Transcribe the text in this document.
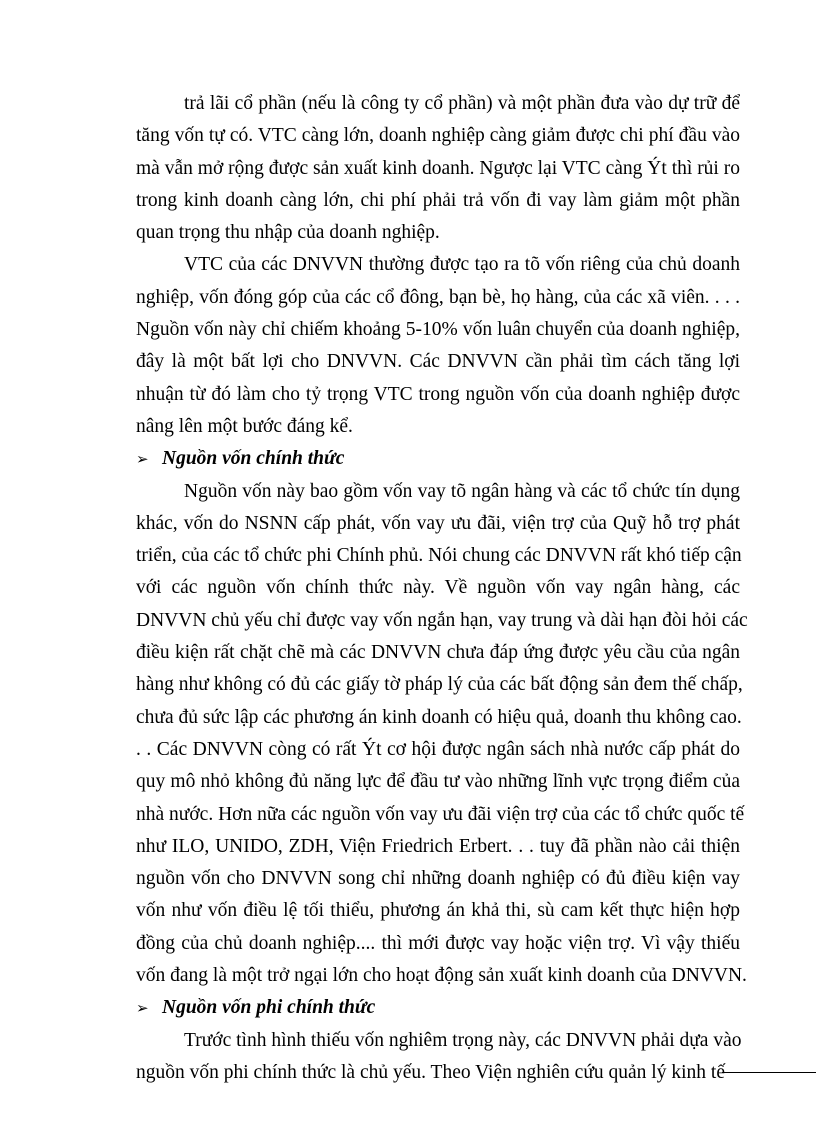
trả lãi cổ phần (nếu là công ty cổ phần) và một phần đưa vào dự trữ để
tăng vốn tự có. VTC càng lớn, doanh nghiệp càng giảm được chi phí đầu vào
mà vẫn mở rộng được sản xuất kinh doanh. Ngược lại VTC càng Ýt thì rủi ro
trong kinh doanh càng lớn, chi phí phải trả vốn đi vay làm giảm một phần
quan trọng thu nhập của doanh nghiệp.
VTC của các DNVVN thường được tạo ra tõ vốn riêng của chủ doanh
nghiệp, vốn đóng góp của các cổ đông, bạn bè, họ hàng, của các xã viên. . . .
Nguồn vốn này chỉ chiếm khoảng 5-10% vốn luân chuyển của doanh nghiệp,
đây là một bất lợi cho DNVVN. Các DNVVN cần phải tìm cách tăng lợi
nhuận từ đó làm cho tỷ trọng VTC trong nguồn vốn của doanh nghiệp được
nâng lên một bước đáng kể.
➢ Nguồn vốn chính thức
Nguồn vốn này bao gồm vốn vay tõ ngân hàng và các tổ chức tín dụng
khác, vốn do NSNN cấp phát, vốn vay ưu đãi, viện trợ của Quỹ hỗ trợ phát
triển, của các tổ chức phi Chính phủ. Nói chung các DNVVN rất khó tiếp cận
với các nguồn vốn chính thức này. Về nguồn vốn vay ngân hàng, các
DNVVN chủ yếu chỉ được vay vốn ngắn hạn, vay trung và dài hạn đòi hỏi các
điều kiện rất chặt chẽ mà các DNVVN chưa đáp ứng được yêu cầu của ngân
hàng như không có đủ các giấy tờ pháp lý của các bất động sản đem thế chấp,
chưa đủ sức lập các phương án kinh doanh có hiệu quả, doanh thu không cao.
. . Các DNVVN còng có rất Ýt cơ hội được ngân sách nhà nước cấp phát do
quy mô nhỏ không đủ năng lực để đầu tư vào những lĩnh vực trọng điểm của
nhà nước. Hơn nữa các nguồn vốn vay ưu đãi viện trợ của các tổ chức quốc tế
như ILO, UNIDO, ZDH, Viện Friedrich Erbert. . . tuy đã phần nào cải thiện
nguồn vốn cho DNVVN song chỉ những doanh nghiệp có đủ điều kiện vay
vốn như vốn điều lệ tối thiểu, phương án khả thi, sù cam kết thực hiện hợp
đồng của chủ doanh nghiệp.... thì mới được vay hoặc viện trợ. Vì vậy thiếu
vốn đang là một trở ngại lớn cho hoạt động sản xuất kinh doanh của DNVVN.
➢ Nguồn vốn phi chính thức
Trước tình hình thiếu vốn nghiêm trọng này, các DNVVN phải dựa vào
nguồn vốn phi chính thức là chủ yếu. Theo Viện nghiên cứu quản lý kinh tế
